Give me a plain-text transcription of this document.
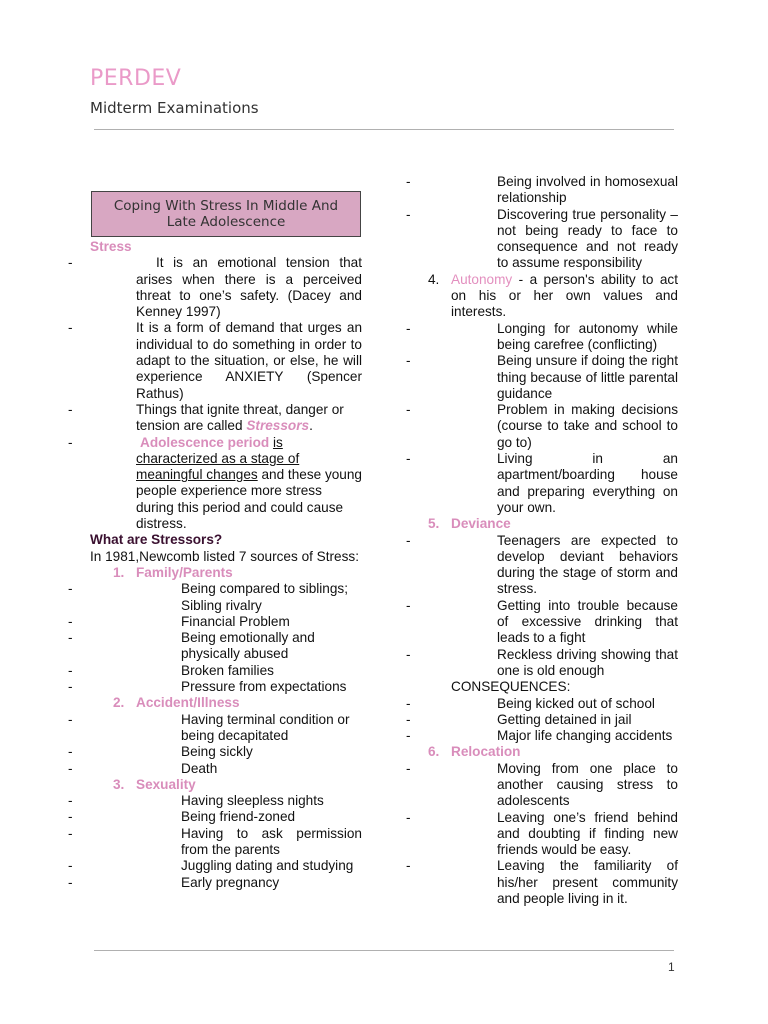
PERDEV
Midterm Examinations
Coping With Stress In Middle And Late Adolescence
Stress
- It is an emotional tension that arises when there is a perceived threat to one’s safety. (Dacey and Kenney 1997)
- It is a form of demand that urges an individual to do something in order to adapt to the situation, or else, he will experience ANXIETY (Spencer Rathus)
- Things that ignite threat, danger or tension are called Stressors.
- Adolescence period is characterized as a stage of meaningful changes and these young people experience more stress during this period and could cause distress.
What are Stressors?
In 1981,Newcomb listed 7 sources of Stress:
1. Family/Parents
- Being compared to siblings; Sibling rivalry
- Financial Problem
- Being emotionally and physically abused
- Broken families
- Pressure from expectations
2. Accident/Illness
- Having terminal condition or being decapitated
- Being sickly
- Death
3. Sexuality
- Having sleepless nights
- Being friend-zoned
- Having to ask permission from the parents
- Juggling dating and studying
- Early pregnancy
- Being involved in homosexual relationship
- Discovering true personality –not being ready to face to consequence and not ready to assume responsibility
4. Autonomy - a person's ability to act on his or her own values and interests.
- Longing for autonomy while being carefree (conflicting)
- Being unsure if doing the right thing because of little parental guidance
- Problem in making decisions (course to take and school to go to)
- Living in an apartment/boarding house and preparing everything on your own.
5. Deviance
- Teenagers are expected to develop deviant behaviors during the stage of storm and stress.
- Getting into trouble because of excessive drinking that leads to a fight
- Reckless driving showing that one is old enough
CONSEQUENCES:
- Being kicked out of school
- Getting detained in jail
- Major life changing accidents
6. Relocation
- Moving from one place to another causing stress to adolescents
- Leaving one’s friend behind and doubting if finding new friends would be easy.
- Leaving the familiarity of his/her present community and people living in it.
1
